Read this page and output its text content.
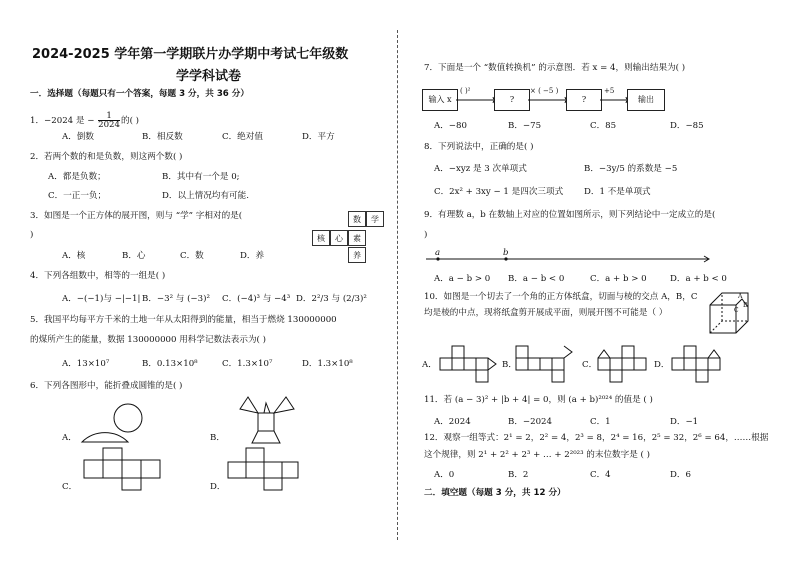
2024-2025 学年第一学期联片办学期中考试七年级数
学学科试卷
一．选择题（每题只有一个答案，每题 3 分，共 36 分）
1．−2024 是 − $\frac{1}{2024}$ 的( )
A．倒数	B．相反数	C．绝对值	D．平方
2．若两个数的和是负数，则这两个数( )
A．都是负数；	B．其中有一个是 0;
C．一正一负；	D．以上情况均有可能.
3．如图是一个正方体的展开图，则与 “学” 字相对的是(
)
数	学
核	心	素
养
A．核	B．心	C．数	D．养
4．下列各组数中，相等的一组是( )
A．−(−1)与 −|−1| B．−3² 与 (−3)² C．(−4)³ 与 −4³ D．2²/3 与 (2/3)²
5．我国平均每平方千米的土地一年从太阳得到的能量，相当于燃烧 130000000
的煤所产生的能量，数据 130000000 用科学记数法表示为( )
A．13×10⁷	B．0.13×10⁸	C．1.3×10⁷	D．1.3×10⁸
6．下列各图形中，能折叠成圆锥的是( )
A．	B．
C．	D．
7．下面是一个 “数值转换机” 的示意图．若 x = 4，则输出结果为( )
输入 x	?	?	输出
( )²	× ( −5 )	+5
A．−80	B．−75	C．85	D．−85
8．下列说法中，正确的是( )
A．−xyz 是 3 次单项式	B．−3y/5 的系数是 −5
C．2x² + 3xy − 1 是四次三项式 D．1 不是单项式
9．有理数 a，b 在数轴上对应的位置如图所示，则下列结论中一定成立的是(
)
a	b
A．a − b > 0 B．a − b < 0	C．a + b > 0	D．a + b < 0
10．如图是一个切去了一个角的正方体纸盒，切面与棱的交点 A，B，C
均是棱的中点，现将纸盒剪开展成平面，则展开图不可能是（ ）
A
B
C
A．	B．	C．	D．
11．若 (a − 3)² + |b + 4| = 0，则 (a + b)²⁰²⁴ 的值是 ( )
A．2024	B．−2024	C．1	D．−1
12．观察一组等式：2¹ = 2，2² = 4，2³ = 8，2⁴ = 16，2⁵ = 32，2⁶ = 64，……根据
这个规律，则 2¹ + 2² + 2³ + … + 2²⁰²³ 的末位数字是 ( )
A．0	B．2	C．4	D．6
二．填空题（每题 3 分，共 12 分）
